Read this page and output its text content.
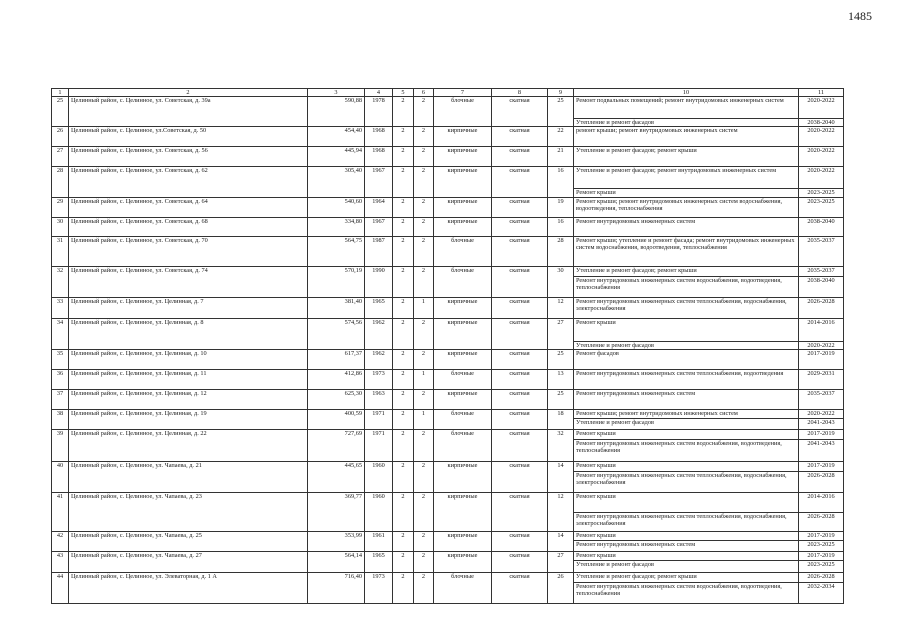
1485
1	2	3	4	5	6	7	8	9	10	11
25	Целинный район, с. Целинное, ул. Советская, д. 39а	590,88	1978	2	2	блочные	скатная	25	Ремонт подвальных помещений; ремонт внутридомовых инженерных систем	2020-2022
									Утепление и ремонт фасадов	2038-2040
26	Целинный район, с. Целинное, ул.Советская, д. 50	454,40	1968	2	2	кирпичные	скатная	22	ремонт крыши; ремонт внутридомовых инженерных систем	2020-2022
27	Целинный район, с. Целинное, ул. Советская, д. 56	445,94	1968	2	2	кирпичные	скатная	21	Утепление и ремонт фасадов; ремонт крыши	2020-2022
28	Целинный район, с. Целинное, ул. Советская, д. 62	305,40	1967	2	2	кирпичные	скатная	16	Утепление и ремонт фасадов; ремонт внутридомовых инженерных систем	2020-2022
									Ремонт крыши	2023-2025
29	Целинный район, с. Целинное, ул. Советская, д. 64	540,60	1964	2	2	кирпичные	скатная	19	Ремонт крыши; ремонт внутридомовых инженерных систем водоснабжения, водоотведения, теплоснабжения	2023-2025
30	Целинный район, с. Целинное, ул. Советская, д. 68	334,80	1967	2	2	кирпичные	скатная	16	Ремонт внутридомовых инженерных систем	2038-2040
31	Целинный район, с. Целинное, ул. Советская, д. 70	564,75	1987	2	2	блочные	скатная	28	Ремонт крыши; утепление и ремонт фасада; ремонт внутридомовых инженерных систем водоснабжения, водоотведения, теплоснабжения	2035-2037
32	Целинный район, с. Целинное, ул. Советская, д. 74	570,19	1990	2	2	блочные	скатная	30	Утепление и ремонт фасадов; ремонт крыши	2035-2037
									Ремонт внутридомовых инженерных систем водоснабжения, водоотведения, теплоснабжения	2038-2040
33	Целинный район, с. Целинное, ул. Целинная, д. 7	381,40	1965	2	1	кирпичные	скатная	12	Ремонт внутридомовых инженерных систем теплоснабжения, водоснабжения, электроснабжения	2026-2028
34	Целинный район, с. Целинное, ул. Целинная, д. 8	574,56	1962	2	2	кирпичные	скатная	27	Ремонт крыши	2014-2016
									Утепление и ремонт фасадов	2020-2022
35	Целинный район, с. Целинное, ул. Целинная, д. 10	617,37	1962	2	2	кирпичные	скатная	25	Ремонт фасадов	2017-2019
36	Целинный район, с. Целинное, ул. Целинная, д. 11	412,86	1973	2	1	блочные	скатная	13	Ремонт внутридомовых инженерных систем теплоснабжения, водоотведения	2029-2031
37	Целинный район, с. Целинное, ул. Целинная, д. 12	625,30	1963	2	2	кирпичные	скатная	25	Ремонт внутридомовых инженерных систем	2035-2037
38	Целинный район, с. Целинное, ул. Целинная, д. 19	400,59	1971	2	1	блочные	скатная	18	Ремонт крыши; ремонт внутридомовых инженерных систем	2020-2022
									Утепление и ремонт фасадов	2041-2043
39	Целинный район, с. Целинное, ул. Целинная, д. 22	727,69	1971	2	2	блочные	скатная	32	Ремонт крыши	2017-2019
									Ремонт внутридомовых инженерных систем водоснабжения, водоотведения, теплоснабжения	2041-2043
40	Целинный район, с. Целинное, ул. Чапаева, д. 21	445,65	1960	2	2	кирпичные	скатная	14	Ремонт крыши	2017-2019
									Ремонт внутридомовых инженерных систем теплоснабжения, водоснабжения, электроснабжения	2026-2028
41	Целинный район, с. Целинное, ул. Чапаева, д. 23	369,77	1960	2	2	кирпичные	скатная	12	Ремонт крыши	2014-2016
									Ремонт внутридомовых инженерных систем теплоснабжения, водоснабжения, электроснабжения	2026-2028
42	Целинный район, с. Целинное, ул. Чапаева, д. 25	353,99	1961	2	2	кирпичные	скатная	14	Ремонт крыши	2017-2019
									Ремонт внутридомовых инженерных систем	2023-2025
43	Целинный район, с. Целинное, ул. Чапаева, д. 27	564,14	1965	2	2	кирпичные	скатная	27	Ремонт крыши	2017-2019
									Утепление и ремонт фасадов	2023-2025
44	Целинный район, с. Целинное, ул. Элеваторная, д. 1 А	716,40	1973	2	2	блочные	скатная	26	Утепление и ремонт фасадов; ремонт крыши	2026-2028
									Ремонт внутридомовых инженерных систем водоснабжения, водоотведения, теплоснабжения	2032-2034
